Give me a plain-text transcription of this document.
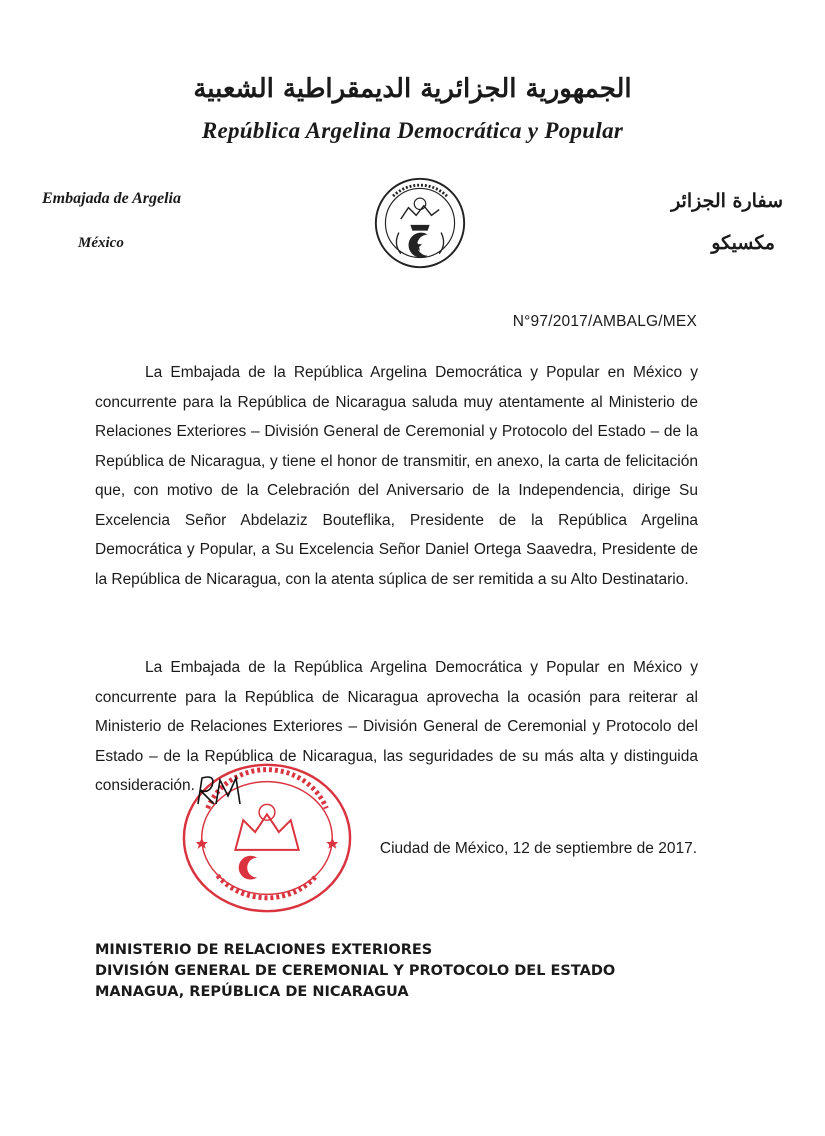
الجمهورية الجزائرية الديمقراطية الشعبية
República Argelina Democrática y Popular
Embajada de Argelia
México
سفارة الجزائر
مكسيكو
N°97/2017/AMBALG/MEX
La Embajada de la República Argelina Democrática y Popular en México y concurrente para la República de Nicaragua saluda muy atentamente al Ministerio de Relaciones Exteriores – División General de Ceremonial y Protocolo del Estado – de la República de Nicaragua, y tiene el honor de transmitir, en anexo, la carta de felicitación que, con motivo de la Celebración del Aniversario de la Independencia, dirige Su Excelencia Señor Abdelaziz Bouteflika, Presidente de la República Argelina Democrática y Popular, a Su Excelencia Señor Daniel Ortega Saavedra, Presidente de la República de Nicaragua, con la atenta súplica de ser remitida a su Alto Destinatario.
La Embajada de la República Argelina Democrática y Popular en México y concurrente para la República de Nicaragua aprovecha la ocasión para reiterar al Ministerio de Relaciones Exteriores – División General de Ceremonial y Protocolo del Estado – de la República de Nicaragua, las seguridades de su más alta y distinguida consideración.
Ciudad de México, 12 de septiembre de 2017.
MINISTERIO DE RELACIONES EXTERIORES
DIVISIÓN GENERAL DE CEREMONIAL Y PROTOCOLO DEL ESTADO
MANAGUA, REPÚBLICA DE NICARAGUA
